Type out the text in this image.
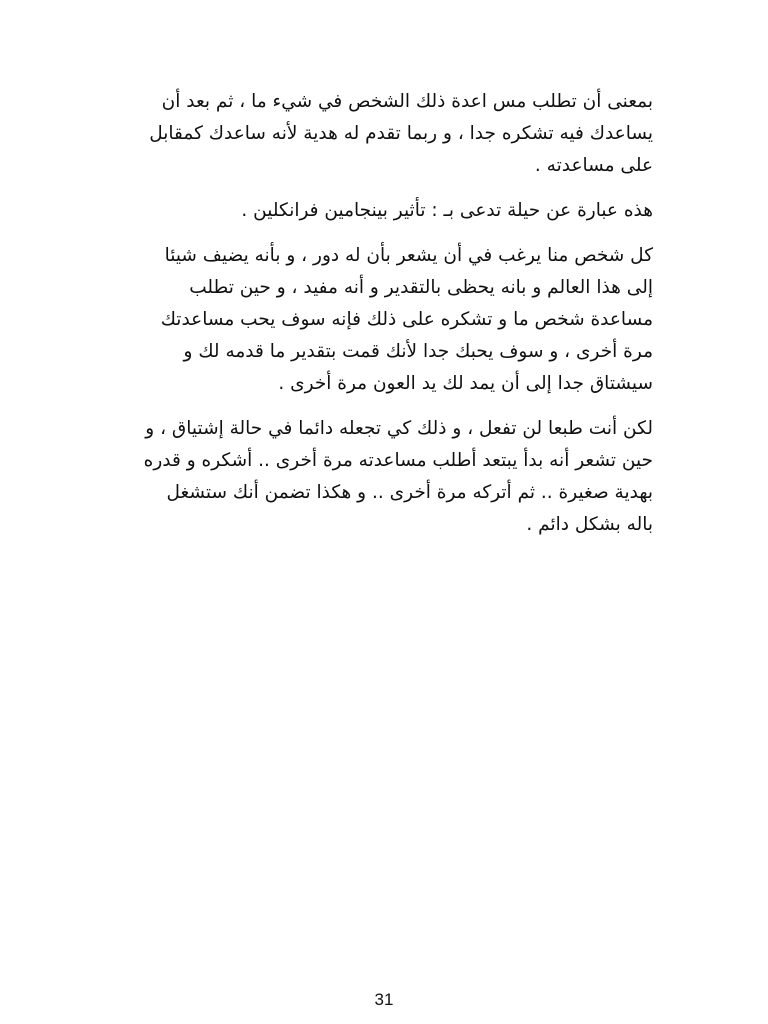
بمعنى أن تطلب مس اعدة ذلك الشخص في شيء ما ، ثم بعد أن
يساعدك فيه تشكره جدا ، و ربما تقدم له هدية لأنه ساعدك كمقابل
على مساعدته .

هذه عبارة عن حيلة تدعى بـ : تأثير بينجامين فرانكلين .

كل شخص منا يرغب في أن يشعر بأن له دور ، و بأنه يضيف شيئا
إلى هذا العالم و بانه يحظى بالتقدير و أنه مفيد ، و حين تطلب
مساعدة شخص ما و تشكره على ذلك فإنه سوف يحب مساعدتك
مرة أخرى ، و سوف يحبك جدا لأنك قمت بتقدير ما قدمه لك و
سيشتاق جدا إلى أن يمد لك يد العون مرة أخرى .

لكن أنت طبعا لن تفعل ، و ذلك كي تجعله دائما في حالة إشتياق ، و
حين تشعر أنه بدأ يبتعد أطلب مساعدته مرة أخرى .. أشكره و قدره
بهدية صغيرة .. ثم أتركه مرة أخرى .. و هكذا تضمن أنك ستشغل
باله بشكل دائم .

31
